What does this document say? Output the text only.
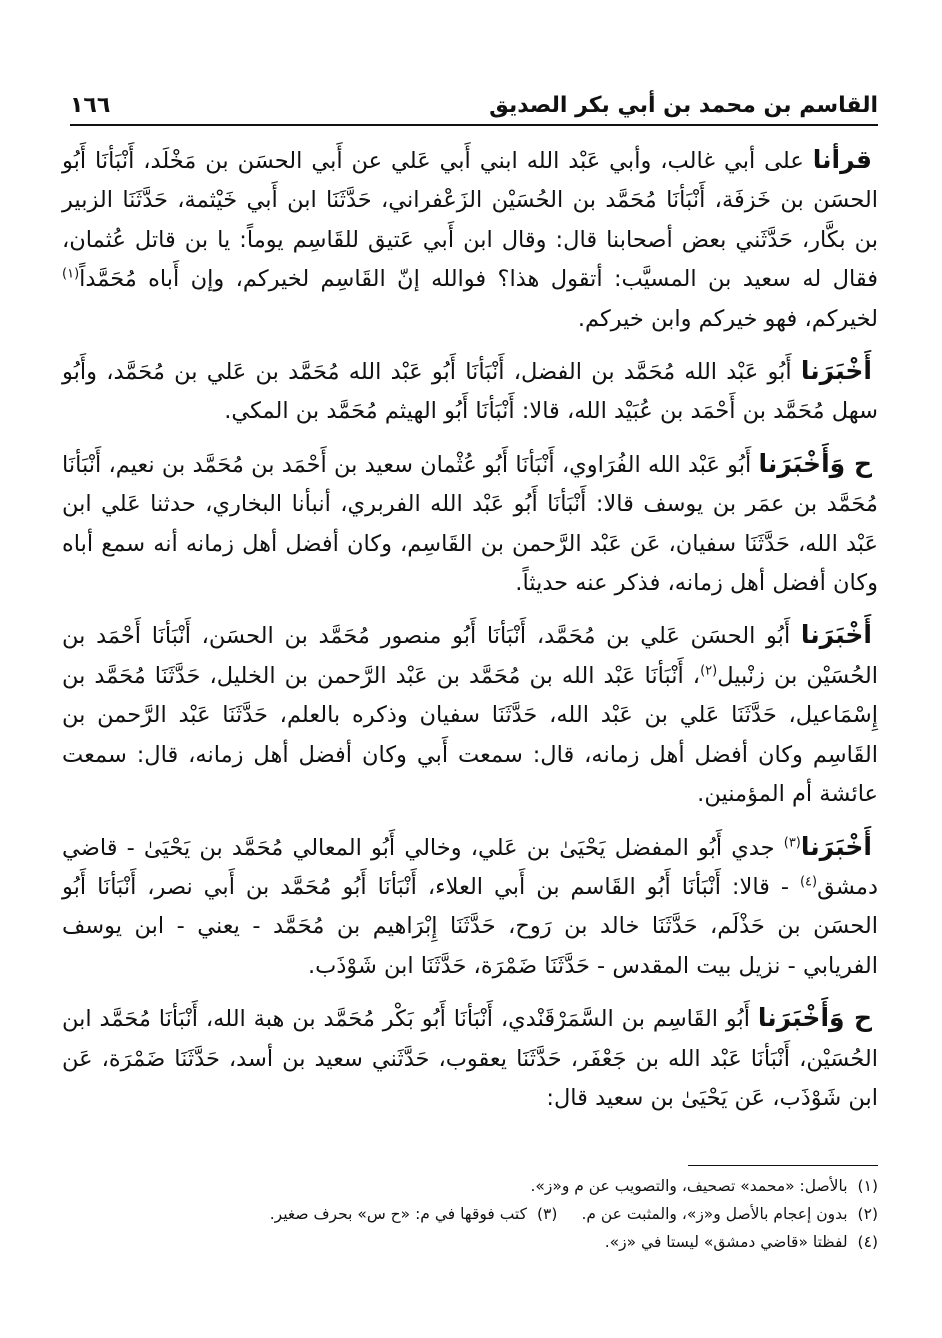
القاسم بن محمد بن أبي بكر الصديق
١٦٦

قرأنا على أبي غالب، وأبي عَبْد الله ابني أَبي عَلي عن أَبي الحسَن بن مَخْلَد، أَنْبَأنَا أَبُو الحسَن بن خَزفَة، أَنْبَأنَا مُحَمَّد بن الحُسَيْن الزَعْفراني، حَدَّثَنَا ابن أَبي خَيْثمة، حَدَّثَنَا الزبير بن بكَّار، حَدَّثَني بعض أصحابنا قال: وقال ابن أَبي عَتيق للقَاسِم يوماً: يا بن قاتل عُثمان، فقال له سعيد بن المسيَّب: أتقول هذا؟ فوالله إنّ القَاسِم لخيركم، وإن أَباه مُحَمَّداً$^{(١)}$ لخيركم، فهو خيركم وابن خيركم.

أَخْبَرَنا أَبُو عَبْد الله مُحَمَّد بن الفضل، أَنْبَأنَا أَبُو عَبْد الله مُحَمَّد بن عَلي بن مُحَمَّد، وأَبُو سهل مُحَمَّد بن أَحْمَد بن عُبَيْد الله، قالا: أَنْبَأنَا أَبُو الهيثم مُحَمَّد بن المكي.

ح وَأَخْبَرَنا أَبُو عَبْد الله الفُرَاوي، أَنْبَأنَا أَبُو عُثْمان سعيد بن أَحْمَد بن مُحَمَّد بن نعيم، أَنْبَأنَا مُحَمَّد بن عمَر بن يوسف قالا: أَنْبَأنَا أَبُو عَبْد الله الفربري، أنبأنا البخاري، حدثنا عَلي ابن عَبْد الله، حَدَّثَنَا سفيان، عَن عَبْد الرَّحمن بن القَاسِم، وكان أفضل أهل زمانه أنه سمع أباه وكان أفضل أهل زمانه، فذكر عنه حديثاً.

أَخْبَرَنا أَبُو الحسَن عَلي بن مُحَمَّد، أَنْبَأنَا أَبُو منصور مُحَمَّد بن الحسَن، أَنْبَأنَا أَحْمَد بن الحُسَيْن بن زنْبيل$^{(٢)}$، أَنْبَأنَا عَبْد الله بن مُحَمَّد بن عَبْد الرَّحمن بن الخليل، حَدَّثَنَا مُحَمَّد بن إِسْمَاعيل، حَدَّثَنَا عَلي بن عَبْد الله، حَدَّثَنَا سفيان وذكره بالعلم، حَدَّثَنَا عَبْد الرَّحمن بن القَاسِم وكان أفضل أهل زمانه، قال: سمعت أَبي وكان أفضل أهل زمانه، قال: سمعت عائشة أم المؤمنين.

أَخْبَرَنا$^{(٣)}$ جدي أَبُو المفضل يَحْيَىٰ بن عَلي، وخالي أَبُو المعالي مُحَمَّد بن يَحْيَىٰ - قاضي دمشق$^{(٤)}$ - قالا: أَنْبَأنَا أَبُو القَاسم بن أَبي العلاء، أَنْبَأنَا أَبُو مُحَمَّد بن أَبي نصر، أَنْبَأنَا أَبُو الحسَن بن حَذْلَم، حَدَّثَنَا خالد بن رَوح، حَدَّثَنَا إِبْرَاهيم بن مُحَمَّد - يعني - ابن يوسف الفريابي - نزيل بيت المقدس - حَدَّثَنَا ضَمْرَة، حَدَّثَنَا ابن شَوْذَب.

ح وَأَخْبَرَنا أَبُو القَاسِم بن السَّمَرْقَنْدي، أَنْبَأنَا أَبُو بَكْر مُحَمَّد بن هبة الله، أَنْبَأنَا مُحَمَّد ابن الحُسَيْن، أَنْبَأنَا عَبْد الله بن جَعْفَر، حَدَّثَنَا يعقوب، حَدَّثَني سعيد بن أسد، حَدَّثَنَا ضَمْرَة، عَن ابن شَوْذَب، عَن يَحْيَىٰ بن سعيد قال:

(١)بالأصل: «محمد» تصحيف، والتصويب عن م و«ز».
(٢)بدون إعجام بالأصل و«ز»، والمثبت عن م.(٣)كتب فوقها في م: «ح س» بحرف صغير.
(٤)لفظتا «قاضي دمشق» ليستا في «ز».
